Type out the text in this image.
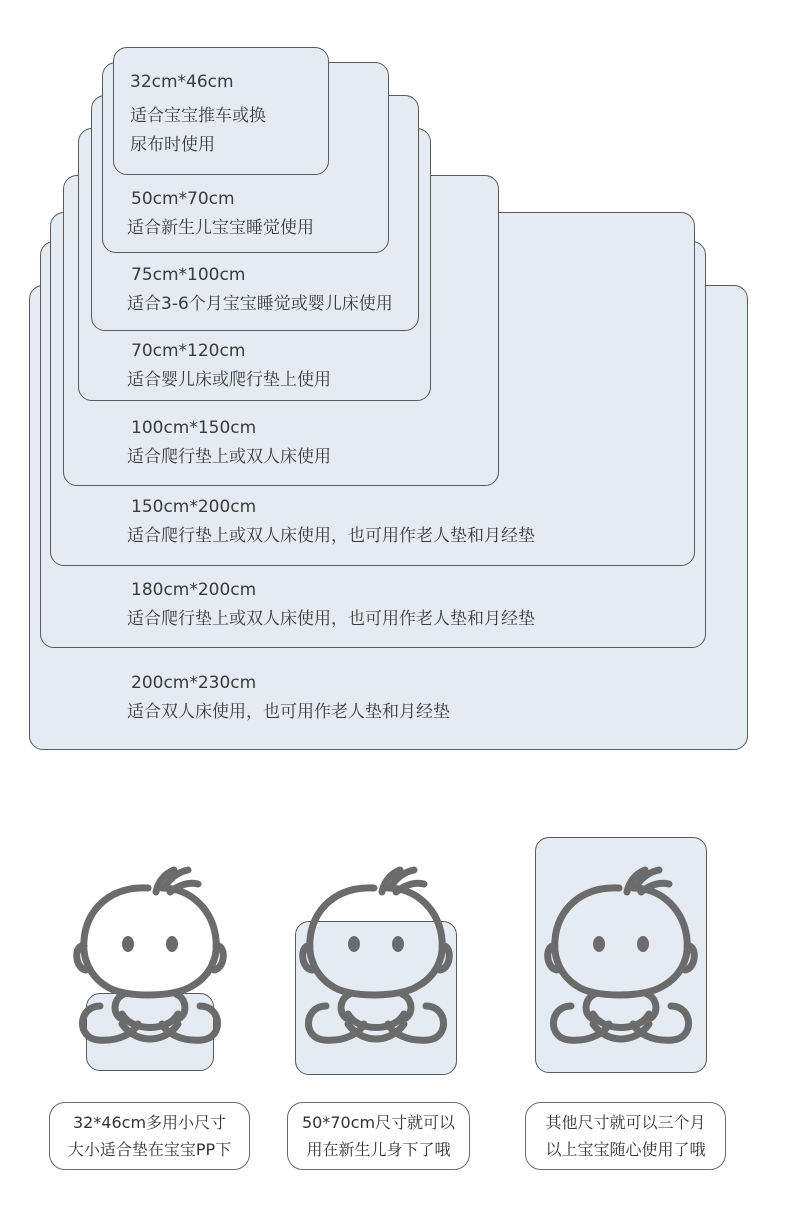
32cm*46cm
适合宝宝推车或换
尿布时使用
50cm*70cm
适合新生儿宝宝睡觉使用
75cm*100cm
适合3-6个月宝宝睡觉或婴儿床使用
70cm*120cm
适合婴儿床或爬行垫上使用
100cm*150cm
适合爬行垫上或双人床使用
150cm*200cm
适合爬行垫上或双人床使用，也可用作老人垫和月经垫
180cm*200cm
适合爬行垫上或双人床使用，也可用作老人垫和月经垫
200cm*230cm
适合双人床使用，也可用作老人垫和月经垫
32*46cm多用小尺寸
大小适合垫在宝宝PP下
50*70cm尺寸就可以
用在新生儿身下了哦
其他尺寸就可以三个月
以上宝宝随心使用了哦
